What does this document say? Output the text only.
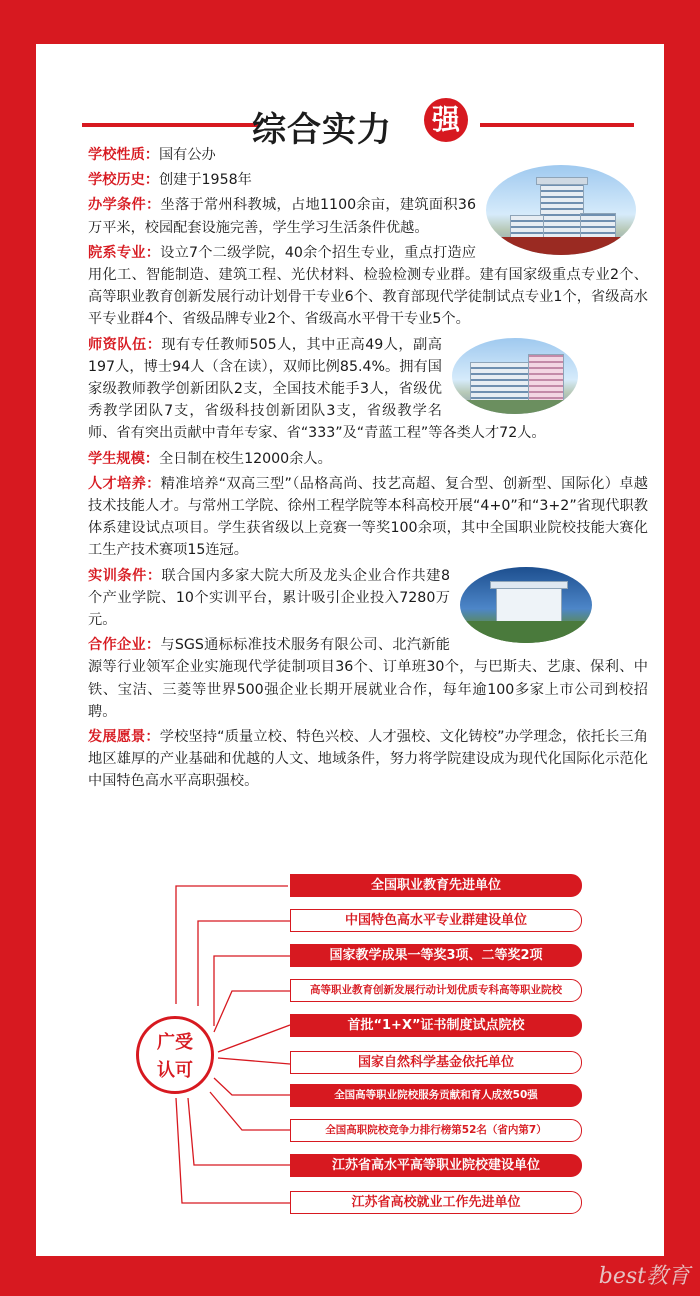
综合实力 强

学校性质：国有公办

学校历史：创建于1958年

办学条件：坐落于常州科教城，占地1100余亩，建筑面积36万平米，校园配套设施完善，学生学习生活条件优越。

院系专业：设立7个二级学院，40余个招生专业，重点打造应用化工、智能制造、建筑工程、光伏材料、检验检测专业群。建有国家级重点专业2个、高等职业教育创新发展行动计划骨干专业6个、教育部现代学徒制试点专业1个，省级高水平专业群4个、省级品牌专业2个、省级高水平骨干专业5个。

师资队伍：现有专任教师505人，其中正高49人，副高197人，博士94人（含在读），双师比例85.4%。拥有国家级教师教学创新团队2支，全国技术能手3人，省级优秀教学团队7支，省级科技创新团队3支，省级教学名师、省有突出贡献中青年专家、省“333”及“青蓝工程”等各类人才72人。

学生规模：全日制在校生12000余人。

人才培养：精准培养“双高三型”（品格高尚、技艺高超、复合型、创新型、国际化）卓越技术技能人才。与常州工学院、徐州工程学院等本科高校开展“4+0”和“3+2”省现代职教体系建设试点项目。学生获省级以上竞赛一等奖100余项，其中全国职业院校技能大赛化工生产技术赛项15连冠。

实训条件：联合国内多家大院大所及龙头企业合作共建8个产业学院、10个实训平台，累计吸引企业投入7280万元。

合作企业：与SGS通标标准技术服务有限公司、北汽新能源等行业领军企业实施现代学徒制项目36个、订单班30个，与巴斯夫、艺康、保利、中铁、宝洁、三菱等世界500强企业长期开展就业合作，每年逾100多家上市公司到校招聘。

发展愿景：学校坚持“质量立校、特色兴校、人才强校、文化铸校”办学理念，依托长三角地区雄厚的产业基础和优越的人文、地域条件，努力将学院建设成为现代化国际化示范化中国特色高水平高职强校。

广受
认可
全国职业教育先进单位
中国特色高水平专业群建设单位
国家教学成果一等奖3项、二等奖2项
高等职业教育创新发展行动计划优质专科高等职业院校
首批“1+X”证书制度试点院校
国家自然科学基金依托单位
全国高等职业院校服务贡献和育人成效50强
全国高职院校竞争力排行榜第52名（省内第7）
江苏省高水平高等职业院校建设单位
江苏省高校就业工作先进单位
best教育
